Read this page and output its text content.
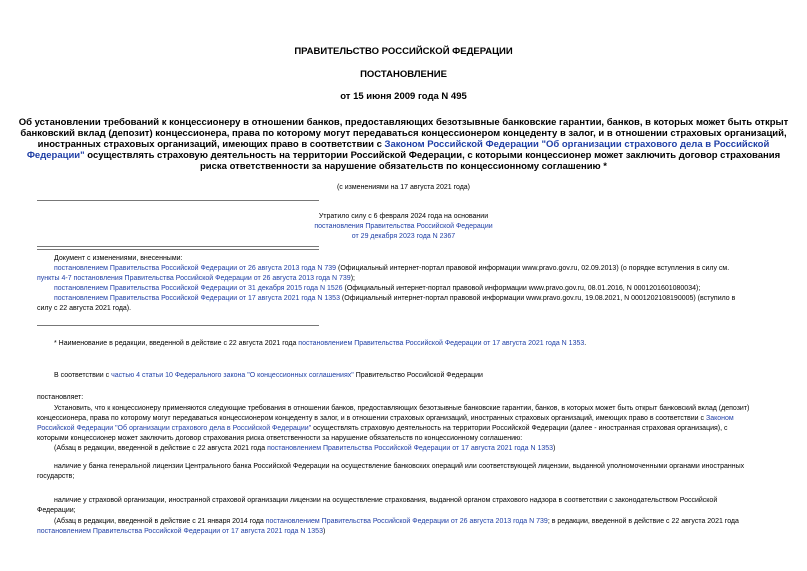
ПРАВИТЕЛЬСТВО РОССИЙСКОЙ ФЕДЕРАЦИИ
ПОСТАНОВЛЕНИЕ
от 15 июня 2009 года N 495
Об установлении требований к концессионеру в отношении банков, предоставляющих безотзывные банковские гарантии, банков, в которых может быть открыт
банковский вклад (депозит) концессионера, права по которому могут передаваться концессионером концеденту в залог, и в отношении страховых организаций,
иностранных страховых организаций, имеющих право в соответствии с Законом Российской Федерации "Об организации страхового дела в Российской
Федерации" осуществлять страховую деятельность на территории Российской Федерации, с которыми концессионер может заключить договор страхования
риска ответственности за нарушение обязательств по концессионному соглашению *
(с изменениями на 17 августа 2021 года)
Утратило силу с 6 февраля 2024 года на основании
постановления Правительства Российской Федерации
от 29 декабря 2023 года N 2367
Документ с изменениями, внесенными:
постановлением Правительства Российской Федерации от 26 августа 2013 года N 739 (Официальный интернет-портал правовой информации www.pravo.gov.ru, 02.09.2013) (о порядке вступления в силу см.
пункты 4-7 постановления Правительства Российской Федерации от 26 августа 2013 года N 739);
постановлением Правительства Российской Федерации от 31 декабря 2015 года N 1526 (Официальный интернет-портал правовой информации www.pravo.gov.ru, 08.01.2016, N 0001201601080034);
постановлением Правительства Российской Федерации от 17 августа 2021 года N 1353 (Официальный интернет-портал правовой информации www.pravo.gov.ru, 19.08.2021, N 0001202108190005) (вступило в
силу с 22 августа 2021 года).
* Наименование в редакции, введенной в действие с 22 августа 2021 года постановлением Правительства Российской Федерации от 17 августа 2021 года N 1353.
В соответствии с частью 4 статьи 10 Федерального закона "О концессионных соглашениях" Правительство Российской Федерации
постановляет:
Установить, что к концессионеру применяются следующие требования в отношении банков, предоставляющих безотзывные банковские гарантии, банков, в которых может быть открыт банковский вклад (депозит)
концессионера, права по которому могут передаваться концессионером концеденту в залог, и в отношении страховых организаций, иностранных страховых организаций, имеющих право в соответствии с Законом
Российской Федерации "Об организации страхового дела в Российской Федерации" осуществлять страховую деятельность на территории Российской Федерации (далее - иностранная страховая организация), с
которыми концессионер может заключить договор страхования риска ответственности за нарушение обязательств по концессионному соглашению:
(Абзац в редакции, введенной в действие с 22 августа 2021 года постановлением Правительства Российской Федерации от 17 августа 2021 года N 1353)
наличие у банка генеральной лицензии Центрального банка Российской Федерации на осуществление банковских операций или соответствующей лицензии, выданной уполномоченными органами иностранных
государств;
наличие у страховой организации, иностранной страховой организации лицензии на осуществление страхования, выданной органом страхового надзора в соответствии с законодательством Российской
Федерации;
(Абзац в редакции, введенной в действие с 21 января 2014 года постановлением Правительства Российской Федерации от 26 августа 2013 года N 739; в редакции, введенной в действие с 22 августа 2021 года
постановлением Правительства Российской Федерации от 17 августа 2021 года N 1353)
